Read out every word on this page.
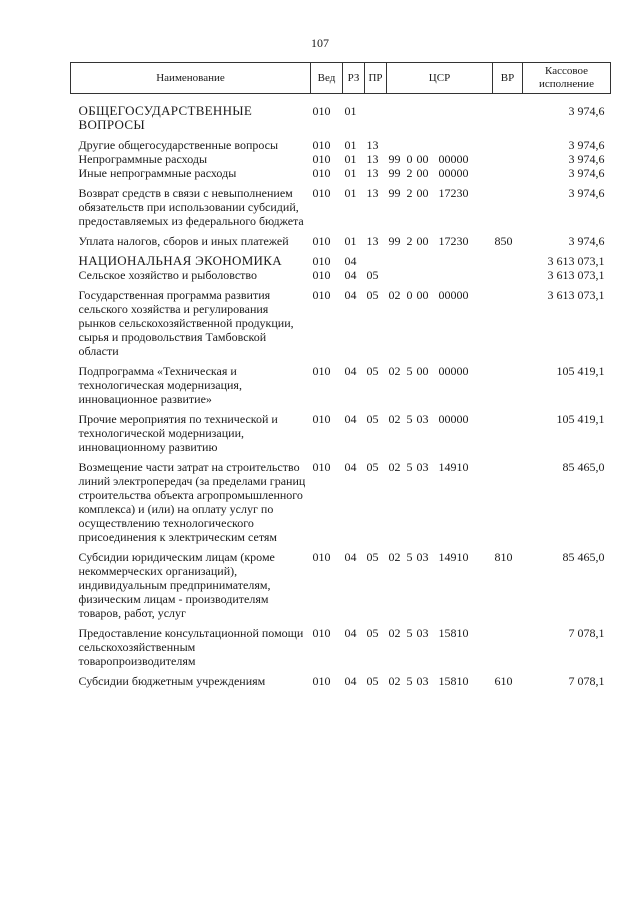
107
Наименование	Вед	РЗ	ПР	ЦСР	ВР	Кассовое исполнение
ОБЩЕГОСУДАРСТВЕННЫЕ ВОПРОСЫ	010	01				3 974,6
Другие общегосударственные вопросы	010	01	13			3 974,6
Непрограммные расходы	010	01	13	99 0 00 00000		3 974,6
Иные непрограммные расходы	010	01	13	99 2 00 00000		3 974,6
Возврат средств в связи с невыполнением обязательств при использовании субсидий, предоставляемых из федерального бюджета	010	01	13	99 2 00 17230		3 974,6
Уплата налогов, сборов и иных платежей	010	01	13	99 2 00 17230	850	3 974,6
НАЦИОНАЛЬНАЯ ЭКОНОМИКА	010	04				3 613 073,1
Сельское хозяйство и рыболовство	010	04	05			3 613 073,1
Государственная программа развития сельского хозяйства и регулирования рынков сельскохозяйственной продукции, сырья и продовольствия Тамбовской области	010	04	05	02 0 00 00000		3 613 073,1
Подпрограмма «Техническая и технологическая модернизация, инновационное развитие»	010	04	05	02 5 00 00000		105 419,1
Прочие мероприятия по технической и технологической модернизации, инновационному развитию	010	04	05	02 5 03 00000		105 419,1
Возмещение части затрат на строительство линий электропередач (за пределами границ строительства объекта агропромышленного комплекса) и (или) на оплату услуг по осуществлению технологического присоединения к электрическим сетям	010	04	05	02 5 03 14910		85 465,0
Субсидии юридическим лицам (кроме некоммерческих организаций), индивидуальным предпринимателям, физическим лицам - производителям товаров, работ, услуг	010	04	05	02 5 03 14910	810	85 465,0
Предоставление консультационной помощи сельскохозяйственным товаропроизводителям	010	04	05	02 5 03 15810		7 078,1
Субсидии бюджетным учреждениям	010	04	05	02 5 03 15810	610	7 078,1
